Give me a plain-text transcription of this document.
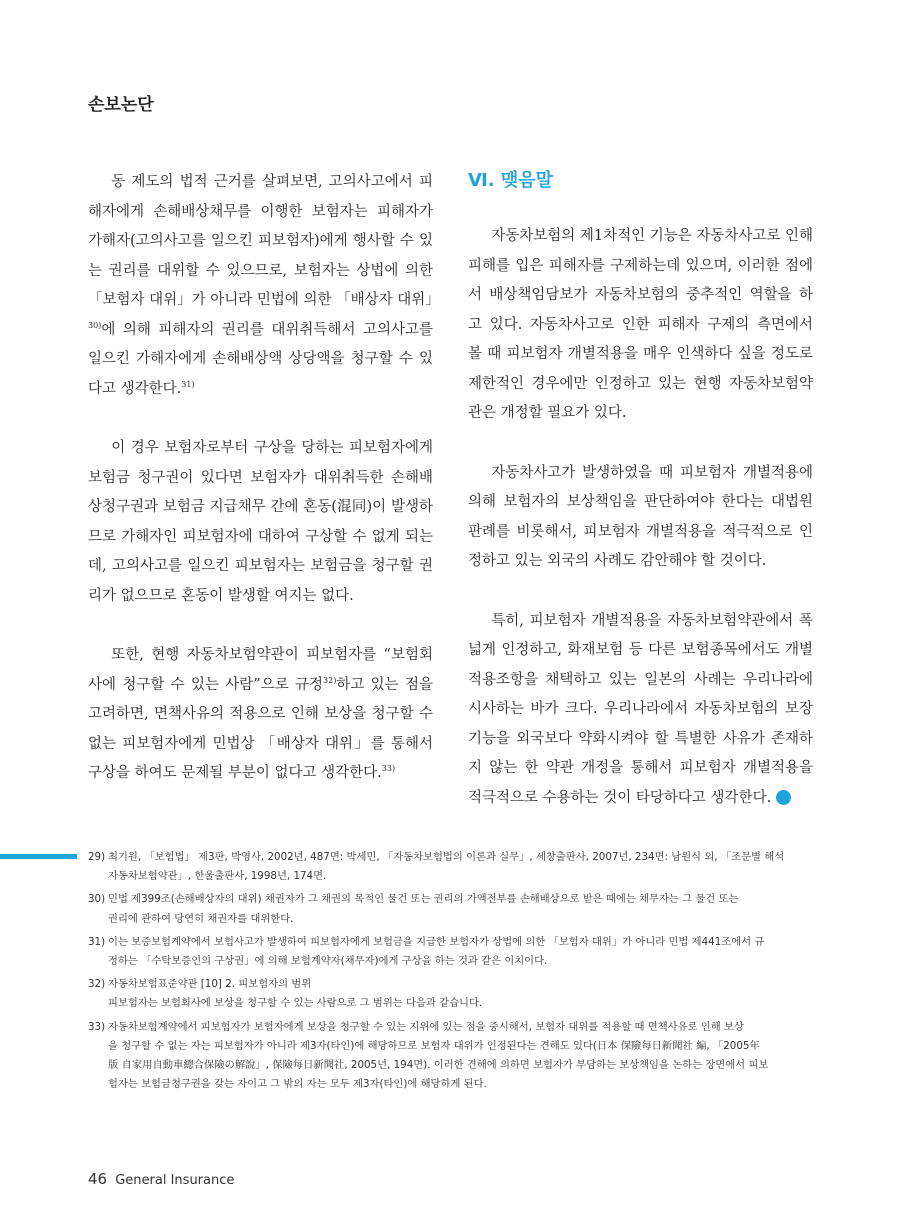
손보논단

동 제도의 법적 근거를 살펴보면, 고의사고에서 피해자에게 손해배상채무를 이행한 보험자는 피해자가 가해자(고의사고를 일으킨 피보험자)에게 행사할 수 있는 권리를 대위할 수 있으므로, 보험자는 상법에 의한 「보험자 대위」가 아니라 민법에 의한 「배상자 대위」$^{30)}$에 의해 피해자의 권리를 대위취득해서 고의사고를 일으킨 가해자에게 손해배상액 상당액을 청구할 수 있다고 생각한다.$^{31)}$

이 경우 보험자로부터 구상을 당하는 피보험자에게 보험금 청구권이 있다면 보험자가 대위취득한 손해배상청구권과 보험금 지급채무 간에 혼동(混同)이 발생하므로 가해자인 피보험자에 대하여 구상할 수 없게 되는데, 고의사고를 일으킨 피보험자는 보험금을 청구할 권리가 없으므로 혼동이 발생할 여지는 없다.

또한, 현행 자동차보험약관이 피보험자를 “보험회사에 청구할 수 있는 사람”으로 규정$^{32)}$하고 있는 점을 고려하면, 면책사유의 적용으로 인해 보상을 청구할 수 없는 피보험자에게 민법상 「배상자 대위」를 통해서 구상을 하여도 문제될 부분이 없다고 생각한다.$^{33)}$

Ⅵ. 맺음말

자동차보험의 제1차적인 기능은 자동차사고로 인해 피해를 입은 피해자를 구제하는데 있으며, 이러한 점에서 배상책임담보가 자동차보험의 중추적인 역할을 하고 있다. 자동차사고로 인한 피해자 구제의 측면에서 볼 때 피보험자 개별적용을 매우 인색하다 싶을 정도로 제한적인 경우에만 인정하고 있는 현행 자동차보험약관은 개정할 필요가 있다.

자동차사고가 발생하였을 때 피보험자 개별적용에 의해 보험자의 보상책임을 판단하여야 한다는 대법원 판례를 비롯해서, 피보험자 개별적용을 적극적으로 인정하고 있는 외국의 사례도 감안해야 할 것이다.

특히, 피보험자 개별적용을 자동차보험약관에서 폭넓게 인정하고, 화재보험 등 다른 보험종목에서도 개별적용조항을 채택하고 있는 일본의 사례는 우리나라에 시사하는 바가 크다. 우리나라에서 자동차보험의 보장기능을 외국보다 약화시켜야 할 특별한 사유가 존재하지 않는 한 약관 개정을 통해서 피보험자 개별적용을 적극적으로 수용하는 것이 타당하다고 생각한다.	끝

29) 최기원, 「보험법」 제3판, 박영사, 2002년, 487면: 박세민, 「자동차보험법의 이론과 실무」, 세창출판사, 2007년, 234면: 남원식 외, 「조문별 해석
자동차보험약관」, 한울출판사, 1998년, 174면.
30) 민법 제399조(손해배상자의 대위) 채권자가 그 채권의 목적인 물건 또는 권리의 가액전부를 손해배상으로 받은 때에는 채무자는 그 물건 또는
권리에 관하여 당연히 채권자를 대위한다.
31) 이는 보증보험계약에서 보험사고가 발생하여 피보험자에게 보험금을 지급한 보험자가 상법에 의한 「보험자 대위」가 아니라 민법 제441조에서 규
정하는 「수탁보증인의 구상권」에 의해 보험계약자(채무자)에게 구상을 하는 것과 같은 이치이다.
32) 자동차보험표준약관 [10] 2. 피보험자의 범위
피보험자는 보험회사에 보상을 청구할 수 있는 사람으로 그 범위는 다음과 같습니다.
33) 자동차보험계약에서 피보험자가 보험자에게 보상을 청구할 수 있는 지위에 있는 점을 중시해서, 보험자 대위를 적용할 때 면책사유로 인해 보상
을 청구할 수 없는 자는 피보험자가 아니라 제3자(타인)에 해당하므로 보험자 대위가 인정된다는 견해도 있다(日本 保險每日新聞社 編, 「2005年
版 自家用自動車總合保險の解說」, 保險每日新聞社, 2005년, 194면). 이러한 견해에 의하면 보험자가 부담하는 보상책임을 논하는 장면에서 피보
험자는 보험금청구권을 갖는 자이고 그 밖의 자는 모두 제3자(타인)에 해당하게 된다.
46 General Insurance
